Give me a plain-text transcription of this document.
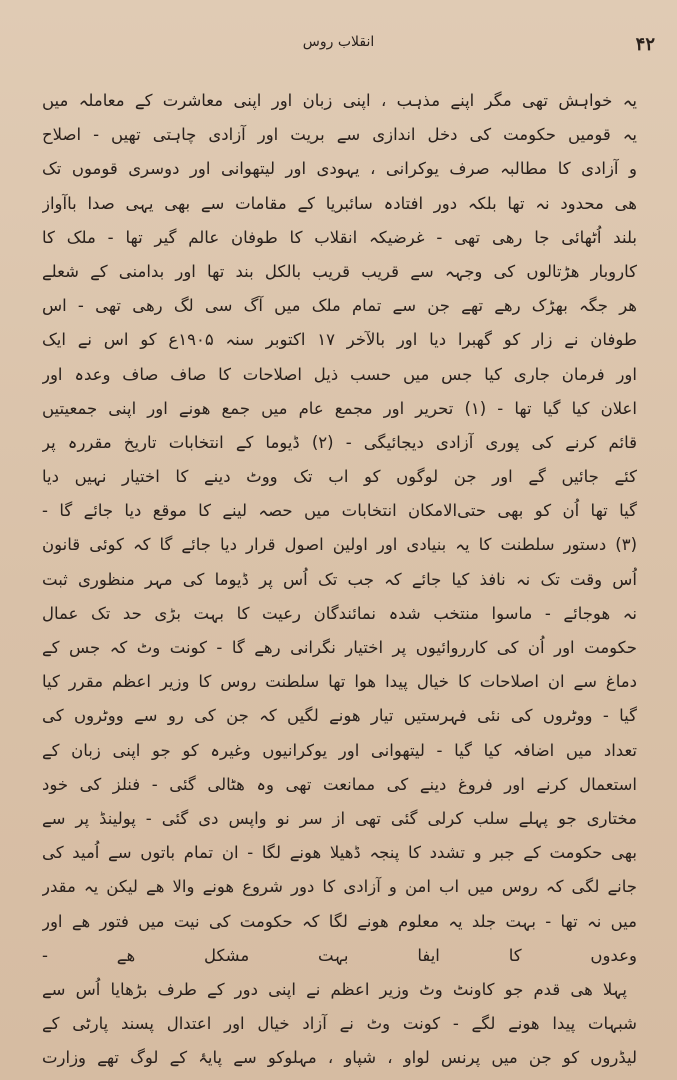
انقلاب روس	۴۲
یہ خواہش تھی مگر اپنے مذہب ، اپنی زبان اور اپنی معاشرت کے معاملہ میں
یہ قومیں حکومت کی دخل اندازی سے بریت اور آزادی چاہتی تھیں - اصلاح
و آزادی کا مطالبہ صرف یوکرانی ، یہودی اور لیتھوانی اور دوسری قوموں تک
ھی محدود نہ تھا بلکہ دور افتادہ سائبریا کے مقامات سے بھی یہی صدا باآواز
بلند اُٹھائی جا رھی تھی - غرضیکہ انقلاب کا طوفان عالم گیر تھا - ملک کا
کاروبار ھڑتالوں کی وجہہ سے قریب قریب بالکل بند تھا اور بدامنی کے شعلے
ھر جگہ بھڑک رھے تھے جن سے تمام ملک میں آگ سی لگ رھی تھی - اس
طوفان نے زار کو گھبرا دیا اور بالآخر ۱۷ اکتوبر سنہ ۱۹۰۵ع کو اس نے ایک
اور فرمان جاری کیا جس میں حسب ذیل اصلاحات کا صاف صاف وعدہ اور
اعلان کیا گیا تھا - (۱) تحریر اور مجمع عام میں جمع ھونے اور اپنی جمعیتیں
قائم کرنے کی پوری آزادی دیجائیگی - (۲) ڈیوما کے انتخابات تاریخ مقررہ پر
کئے جائیں گے اور جن لوگوں کو اب تک ووٹ دینے کا اختیار نہیں دیا
گیا تھا اُن کو بھی حتی‌الامکان انتخابات میں حصہ لینے کا موقع دیا جائے گا -
(۳) دستور سلطنت کا یہ بنیادی اور اولین اصول قرار دیا جائے گا کہ کوئی قانون
اُس وقت تک نہ نافذ کیا جائے کہ جب تک اُس پر ڈیوما کی مہر منظوری ثبت
نہ ھوجائے - ماسوا منتخب شدہ نمائندگان رعیت کا بہت بڑی حد تک عمال
حکومت اور اُن کی کارروائیوں پر اختیار نگرانی رھے گا - کونت وٹ کہ جس کے
دماغ سے ان اصلاحات کا خیال پیدا ھوا تھا سلطنت روس کا وزیر اعظم مقرر کیا
گیا - ووٹروں کی نئی فہرستیں تیار ھونے لگیں کہ جن کی رو سے ووٹروں کی
تعداد میں اضافہ کیا گیا - لیتھوانی اور یوکرانیوں وغیرہ کو جو اپنی زبان کے
استعمال کرنے اور فروغ دینے کی ممانعت تھی وہ ھٹالی گئی - فنلز کی خود
مختاری جو پہلے سلب کرلی گئی تھی از سر نو واپس دی گئی - پولینڈ پر سے
بھی حکومت کے جبر و تشدد کا پنجہ ڈھیلا ھونے لگا - ان تمام باتوں سے اُمید کی
جانے لگی کہ روس میں اب امن و آزادی کا دور شروع ھونے والا ھے لیکن یہ مقدر
میں نہ تھا - بہت جلد یہ معلوم ھونے لگا کہ حکومت کی نیت میں فتور ھے اور
وعدوں کا ایفا بہت مشکل ھے -
پہلا ھی قدم جو کاونٹ وٹ وزیر اعظم نے اپنی دور کے طرف بڑھایا اُس سے
شبہات پیدا ھونے لگے - کونت وٹ نے آزاد خیال اور اعتدال پسند پارٹی کے
لیڈروں کو جن میں پرنس لواو ، شپاو ، مہلوکو سے پایۂ کے لوگ تھے وزارت
